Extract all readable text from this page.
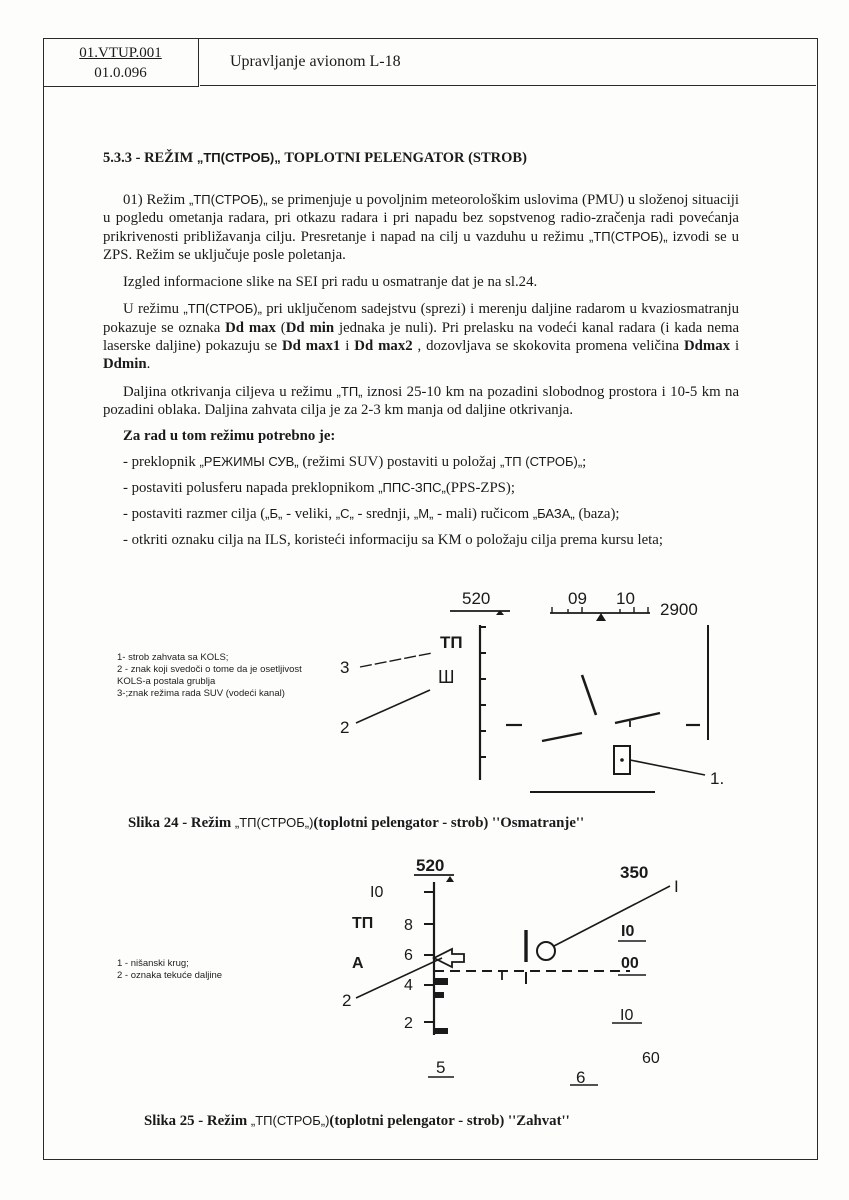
01.VTUP.001
01.0.096
Upravljanje avionom L-18
5.3.3 - REŽIM „ТП(СТРОБ)„ TOPLOTNI PELENGATOR (STROB)

01) Režim „ТП(СТРОБ)„ se primenjuje u povoljnim meteorološkim uslovima (PMU) u složenoj situaciji u pogledu ometanja radara, pri otkazu radara i pri napadu bez sopstvenog radio-zračenja radi povećanja prikrivenosti približavanja cilju. Presretanje i napad na cilj u vazduhu u režimu „ТП(СТРОБ)„ izvodi se u ZPS. Režim se uključuje posle poletanja.

Izgled informacione slike na SEI pri radu u osmatranje dat je na sl.24.

U režimu „ТП(СТРОБ)„ pri uključenom sadejstvu (sprezi) i merenju daljine radarom u kvaziosmatranju pokazuje se oznaka Dd max (Dd min jednaka je nuli). Pri prelasku na vodeći kanal radara (i kada nema laserske daljine) pokazuju se Dd max1 i Dd max2 , dozovljava se skokovita promena veličina Ddmax i Ddmin.

Daljina otkrivanja ciljeva u režimu „ТП„ iznosi 25-10 km na pozadini slobodnog prostora i 10-5 km na pozadini oblaka. Daljina zahvata cilja je za 2-3 km manja od daljine otkrivanja.

Za rad u tom režimu potrebno je:
- preklopnik „РЕЖИМЫ СУВ„ (režimi SUV) postaviti u položaj „ТП (СТРОБ)„;
- postaviti polusferu napada preklopnikom „ППС-ЗПС„(PPS-ZPS);
- postaviti razmer cilja („Б„ - veliki, „С„ - srednji, „М„ - mali) ručicom „БАЗА„ (baza);
- otkriti oznaku cilja na ILS, koristeći informaciju sa KM o položaju cilja prema kursu leta;
1- strob zahvata sa KOLS;
2 - znak koji svedoči o tome da je osetljivost KOLS-a postala grublja
3-;znak režima rada SUV (vodeći kanal)
520	09 10
2900
ТП
Ш
3
2
1.
Slika 24 - Režim „ТП(СТРОБ„)(toplotni pelengator - strob) ''Osmatranje''
1 - nišanski krug;
2 - oznaka tekuće daljine
520
I0
8
6
4
2
ТП
А
2
I
350
I0
00
I0
60
5
6
Slika 25 - Režim „ТП(СТРОБ„)(toplotni pelengator - strob) ''Zahvat''
